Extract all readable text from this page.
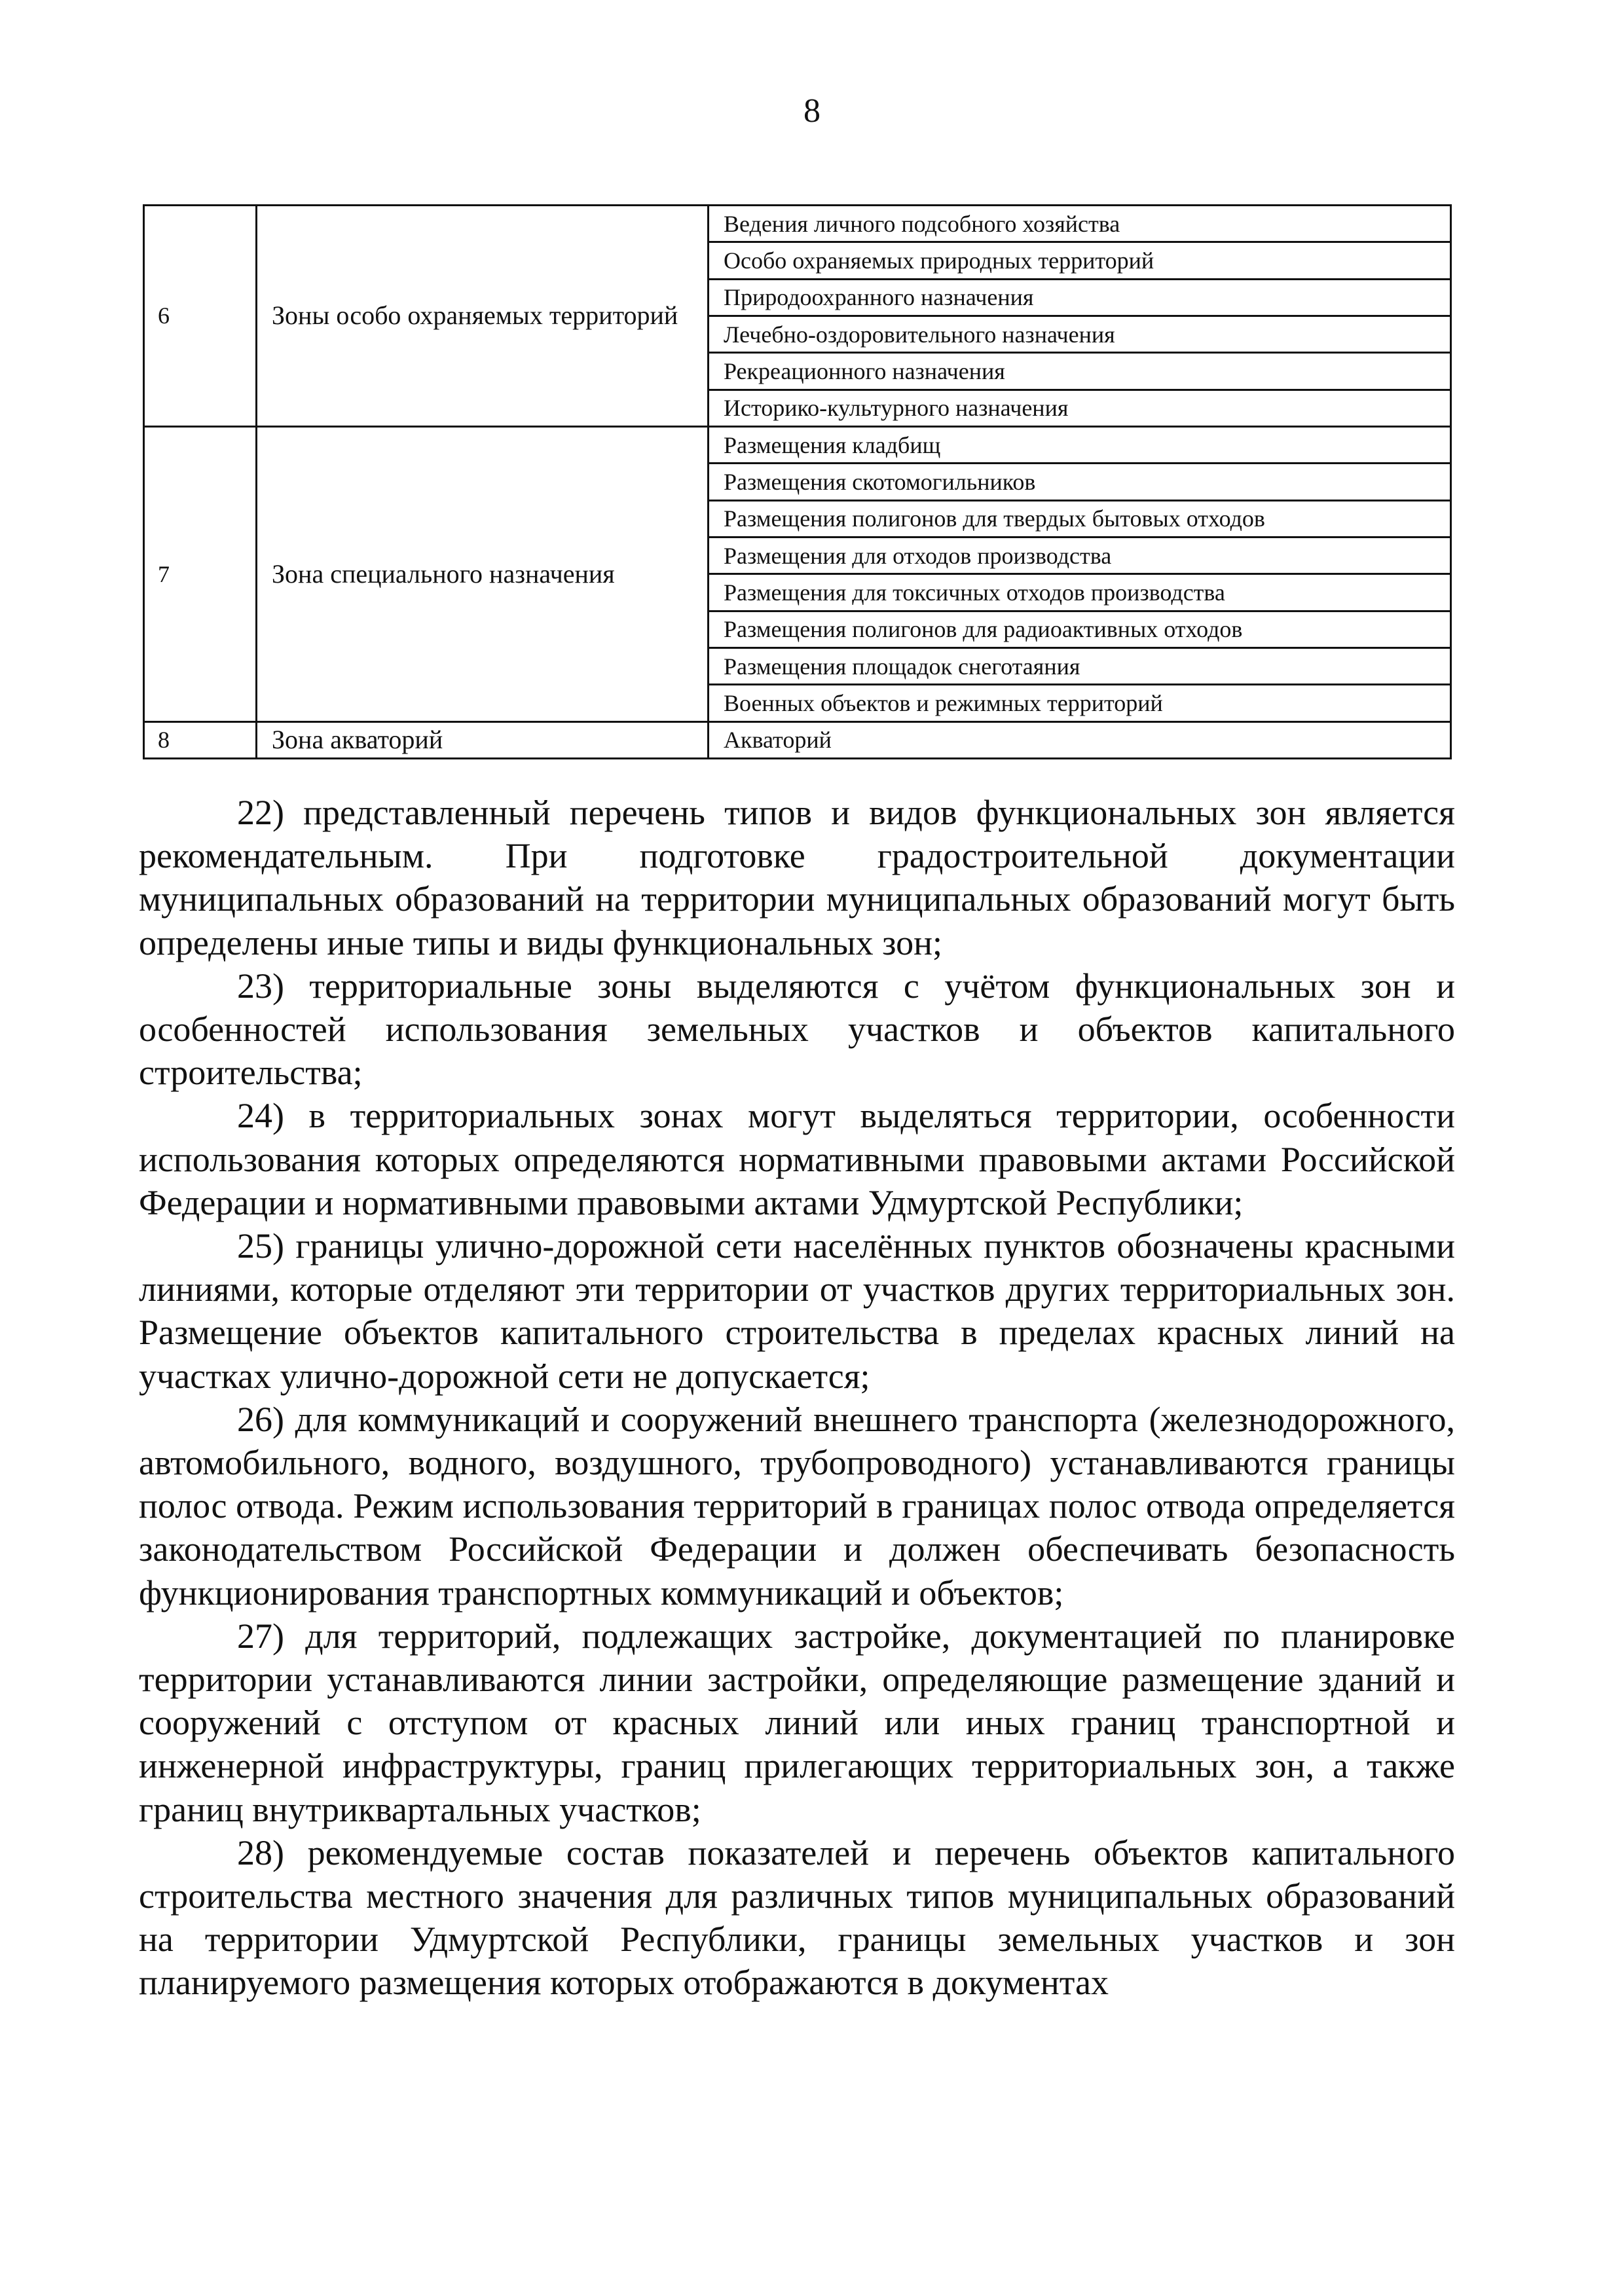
8
6	Зоны особо охраняемых территорий	Ведения личного подсобного хозяйства
		Особо охраняемых природных территорий
		Природоохранного назначения
		Лечебно-оздоровительного назначения
		Рекреационного назначения
		Историко-культурного назначения
7	Зона специального назначения	Размещения кладбищ
		Размещения скотомогильников
		Размещения полигонов для твердых бытовых отходов
		Размещения для отходов производства
		Размещения для токсичных отходов производства
		Размещения полигонов для радиоактивных отходов
		Размещения площадок снеготаяния
		Военных объектов и режимных территорий
8	Зона акваторий	Акваторий

22) представленный перечень типов и видов функциональных зон является рекомендательным. При подготовке градостроительной документации муниципальных образований на территории муниципальных образований могут быть определены иные типы и виды функциональных зон;

23) территориальные зоны выделяются с учётом функциональных зон и особенностей использования земельных участков и объектов капитального строительства;

24) в территориальных зонах могут выделяться территории, особенности использования которых определяются нормативными правовыми актами Российской Федерации и нормативными правовыми актами Удмуртской Республики;

25) границы улично-дорожной сети населённых пунктов обозначены красными линиями, которые отделяют эти территории от участков других территориальных зон. Размещение объектов капитального строительства в пределах красных линий на участках улично-дорожной сети не допускается;

26) для коммуникаций и сооружений внешнего транспорта (железнодорожного, автомобильного, водного, воздушного, трубопроводного) устанавливаются границы полос отвода. Режим использования территорий в границах полос отвода определяется законодательством Российской Федерации и должен обеспечивать безопасность функционирования транспортных коммуникаций и объектов;

27) для территорий, подлежащих застройке, документацией по планировке территории устанавливаются линии застройки, определяющие размещение зданий и сооружений с отступом от красных линий или иных границ транспортной и инженерной инфраструктуры, границ прилегающих территориальных зон, а также границ внутриквартальных участков;

28) рекомендуемые состав показателей и перечень объектов капитального строительства местного значения для различных типов муниципальных образований на территории Удмуртской Республики, границы земельных участков и зон планируемого размещения которых отображаются в документах
